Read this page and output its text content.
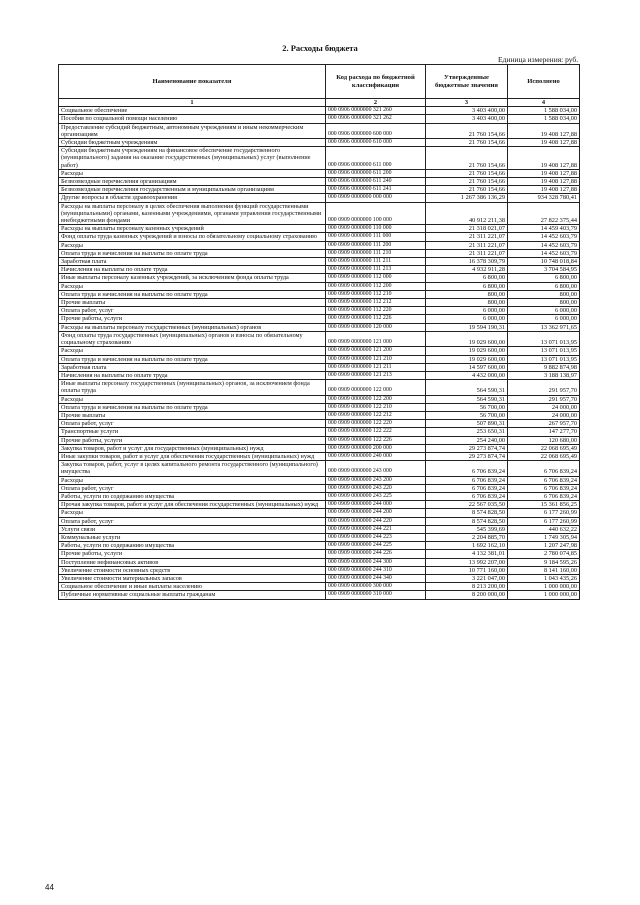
2. Расходы бюджета
Единица измерения: руб.
Наименование показателя	Код расхода по бюджетной классификации	Утвержденные бюджетные значения	Исполнено
1	2	3	4
Социальное обеспечение	000 0906 0000000 321 260	3 403 400,00	1 588 034,00
Пособия по социальной помощи населению	000 0906 0000000 321 262	3 403 400,00	1 588 034,00
Предоставление субсидий бюджетным, автономным учреждениям и иным некоммерческим организациям	000 0906 0000000 600 000	21 760 154,66	19 408 127,88
Субсидии бюджетным учреждениям	000 0906 0000000 610 000	21 760 154,66	19 408 127,88
Субсидии бюджетным учреждениям на финансовое обеспечение государственного (муниципального) задания на оказание государственных (муниципальных) услуг (выполнение работ)	000 0906 0000000 611 000	21 760 154,66	19 408 127,88
Расходы	000 0906 0000000 611 200	21 760 154,66	19 408 127,88
Безвозмездные перечисления организациям	000 0906 0000000 611 240	21 760 154,66	19 408 127,88
Безвозмездные перечисления государственным и муниципальным организациям	000 0906 0000000 611 241	21 760 154,66	19 408 127,88
Другие вопросы в области здравоохранения	000 0909 0000000 000 000	1 267 386 136,29	934 328 780,41
Расходы на выплаты персоналу в целях обеспечения выполнения функций государственными (муниципальными) органами, казенными учреждениями, органами управления государственными внебюджетными фондами	000 0909 0000000 100 000	40 912 211,38	27 822 375,44
Расходы на выплаты персоналу казенных учреждений	000 0909 0000000 110 000	21 318 021,07	14 459 403,79
Фонд оплаты труда казенных учреждений и взносы по обязательному социальному страхованию	000 0909 0000000 111 000	21 311 221,07	14 452 603,79
Расходы	000 0909 0000000 111 200	21 311 221,07	14 452 603,79
Оплата труда и начисления на выплаты по оплате труда	000 0909 0000000 111 210	21 311 221,07	14 452 603,79
Заработная плата	000 0909 0000000 111 211	16 378 309,79	10 748 018,84
Начисления на выплаты по оплате труда	000 0909 0000000 111 213	4 932 911,28	3 704 584,95
Иные выплаты персоналу казенных учреждений, за исключением фонда оплаты труда	000 0909 0000000 112 000	6 800,00	6 800,00
Расходы	000 0909 0000000 112 200	6 800,00	6 800,00
Оплата труда и начисления на выплаты по оплате труда	000 0909 0000000 112 210	800,00	800,00
Прочие выплаты	000 0909 0000000 112 212	800,00	800,00
Оплата работ, услуг	000 0909 0000000 112 220	6 000,00	6 000,00
Прочие работы, услуги	000 0909 0000000 112 226	6 000,00	6 000,00
Расходы на выплаты персоналу государственных (муниципальных) органов	000 0909 0000000 120 000	19 594 190,31	13 362 971,65
Фонд оплаты труда государственных (муниципальных) органов и взносы по обязательному социальному страхованию	000 0909 0000000 121 000	19 029 600,00	13 071 013,95
Расходы	000 0909 0000000 121 200	19 029 600,00	13 071 013,95
Оплата труда и начисления на выплаты по оплате труда	000 0909 0000000 121 210	19 029 600,00	13 071 013,95
Заработная плата	000 0909 0000000 121 211	14 597 600,00	9 882 874,98
Начисления на выплаты по оплате труда	000 0909 0000000 121 213	4 432 000,00	3 188 138,97
Иные выплаты персоналу государственных (муниципальных) органов, за исключением фонда оплаты труда	000 0909 0000000 122 000	564 590,31	291 957,70
Расходы	000 0909 0000000 122 200	564 590,31	291 957,70
Оплата труда и начисления на выплаты по оплате труда	000 0909 0000000 122 210	56 700,00	24 000,00
Прочие выплаты	000 0909 0000000 122 212	56 700,00	24 000,00
Оплата работ, услуг	000 0909 0000000 122 220	507 890,31	267 957,70
Транспортные услуги	000 0909 0000000 122 222	253 650,31	147 277,70
Прочие работы, услуги	000 0909 0000000 122 226	254 240,00	120 680,00
Закупка товаров, работ и услуг для государственных (муниципальных) нужд	000 0909 0000000 200 000	29 273 874,74	22 068 695,49
Иные закупки товаров, работ и услуг для обеспечения государственных (муниципальных) нужд	000 0909 0000000 240 000	29 273 874,74	22 068 695,49
Закупка товаров, работ, услуг в целях капитального ремонта государственного (муниципального) имущества	000 0909 0000000 243 000	6 706 839,24	6 706 839,24
Расходы	000 0909 0000000 243 200	6 706 839,24	6 706 839,24
Оплата работ, услуг	000 0909 0000000 243 220	6 706 839,24	6 706 839,24
Работы, услуги по содержанию имущества	000 0909 0000000 243 225	6 706 839,24	6 706 839,24
Прочая закупка товаров, работ и услуг для обеспечения государственных (муниципальных) нужд	000 0909 0000000 244 000	22 567 035,50	15 361 856,25
Расходы	000 0909 0000000 244 200	8 574 828,50	6 177 260,99
Оплата работ, услуг	000 0909 0000000 244 220	8 574 828,50	6 177 260,99
Услуги связи	000 0909 0000000 244 221	545 399,69	440 632,22
Коммунальные услуги	000 0909 0000000 244 223	2 204 885,70	1 749 305,94
Работы, услуги по содержанию имущества	000 0909 0000000 244 225	1 692 162,10	1 207 247,98
Прочие работы, услуги	000 0909 0000000 244 226	4 132 381,01	2 780 074,85
Поступление нефинансовых активов	000 0909 0000000 244 300	13 992 207,00	9 184 595,26
Увеличение стоимости основных средств	000 0909 0000000 244 310	10 771 160,00	8 141 160,00
Увеличение стоимости материальных запасов	000 0909 0000000 244 340	3 221 047,00	1 043 435,26
Социальное обеспечение и иные выплаты населению	000 0909 0000000 300 000	8 213 200,00	1 000 000,00
Публичные нормативные социальные выплаты гражданам	000 0909 0000000 310 000	8 200 000,00	1 000 000,00
44
